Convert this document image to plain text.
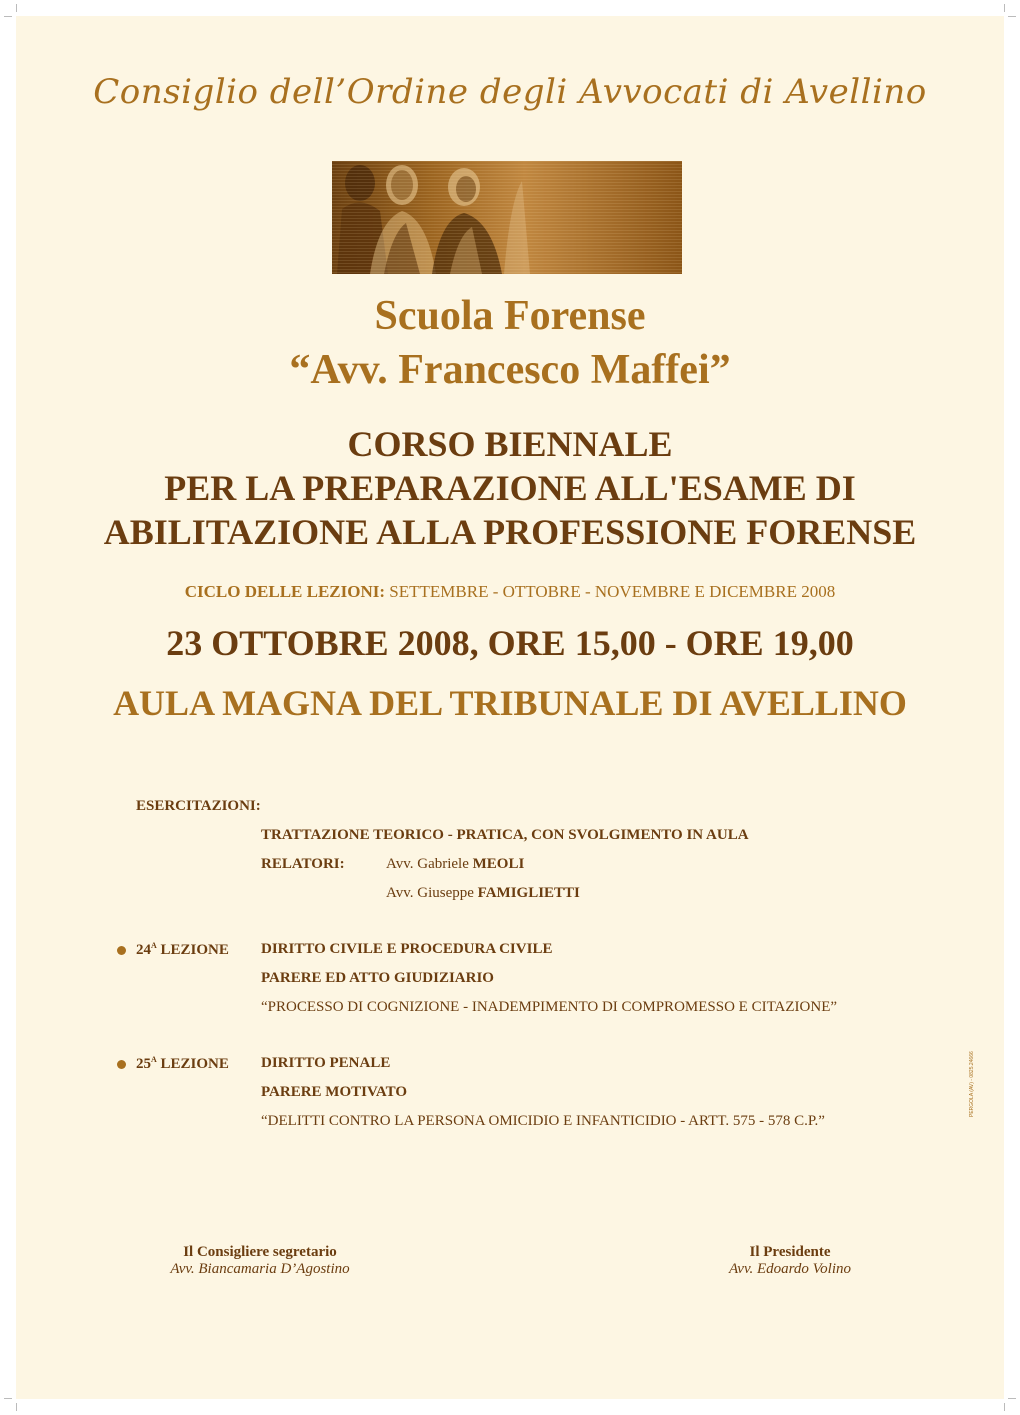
Consiglio dell’Ordine degli Avvocati di Avellino
Scuola Forense
“Avv. Francesco Maffei”
CORSO BIENNALE
PER LA PREPARAZIONE ALL'ESAME DI
ABILITAZIONE ALLA PROFESSIONE FORENSE
CICLO DELLE LEZIONI: SETTEMBRE - OTTOBRE - NOVEMBRE E DICEMBRE 2008
23 OTTOBRE 2008, ORE 15,00 - ORE 19,00
AULA MAGNA DEL TRIBUNALE DI AVELLINO
ESERCITAZIONI:
TRATTAZIONE TEORICO - PRATICA, CON SVOLGIMENTO IN AULA
RELATORI:	Avv. Gabriele MEOLI
Avv. Giuseppe FAMIGLIETTI
$24^A$ LEZIONE DIRITTO CIVILE E PROCEDURA CIVILE
PARERE ED ATTO GIUDIZIARIO
“PROCESSO DI COGNIZIONE - INADEMPIMENTO DI COMPROMESSO E CITAZIONE”
$25^A$ LEZIONE DIRITTO PENALE
PARERE MOTIVATO
“DELITTI CONTRO LA PERSONA OMICIDIO E INFANTICIDIO - ARTT. 575 - 578 C.P.”
PERGOLA (AV) - 0825.24666
Il Consigliere segretario
Avv. Biancamaria D’Agostino
Il Presidente
Avv. Edoardo Volino
